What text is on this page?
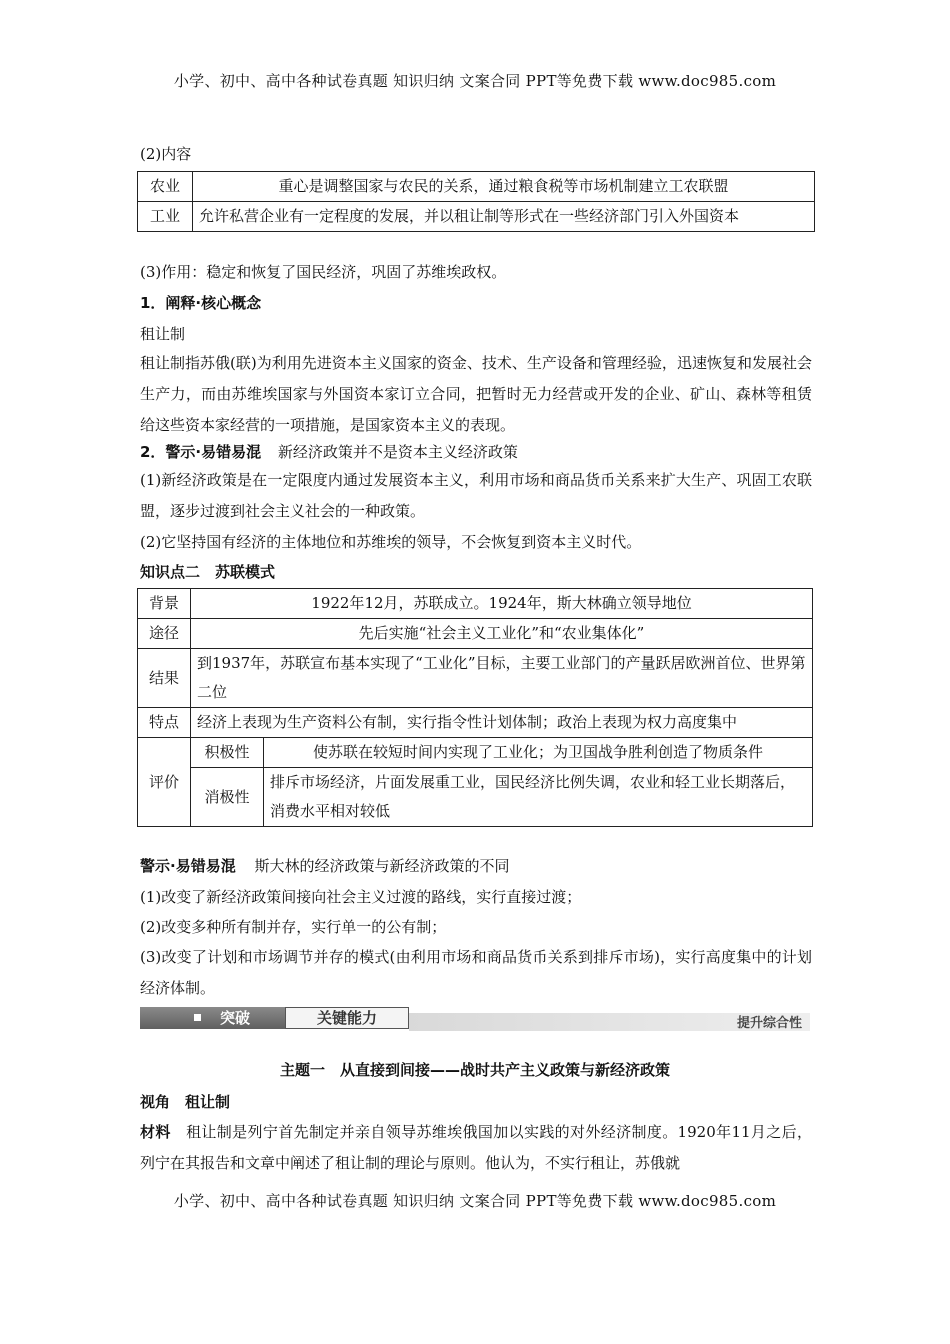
小学、初中、高中各种试卷真题 知识归纳 文案合同 PPT等免费下载 www.doc985.com
(2)内容
农业	重心是调整国家与农民的关系，通过粮食税等市场机制建立工农联盟
工业	允许私营企业有一定程度的发展，并以租让制等形式在一些经济部门引入外国资本
(3)作用：稳定和恢复了国民经济，巩固了苏维埃政权。
1．阐释·核心概念
租让制
租让制指苏俄(联)为利用先进资本主义国家的资金、技术、生产设备和管理经验，迅速恢复和发展社会生产力，而由苏维埃国家与外国资本家订立合同，把暂时无力经营或开发的企业、矿山、森林等租赁给这些资本家经营的一项措施，是国家资本主义的表现。
2．警示·易错易混 新经济政策并不是资本主义经济政策
(1)新经济政策是在一定限度内通过发展资本主义，利用市场和商品货币关系来扩大生产、巩固工农联盟，逐步过渡到社会主义社会的一种政策。
(2)它坚持国有经济的主体地位和苏维埃的领导，不会恢复到资本主义时代。
知识点二　苏联模式
背景	1922年12月，苏联成立。1924年，斯大林确立领导地位	
途径	先后实施“社会主义工业化”和“农业集体化”	
结果	到1937年，苏联宣布基本实现了“工业化”目标，主要工业部门的产量跃居欧洲首位、世界第二位	
特点	经济上表现为生产资料公有制，实行指令性计划体制；政治上表现为权力高度集中	
评价	积极性	使苏联在较短时间内实现了工业化；为卫国战争胜利创造了物质条件
	消极性	排斥市场经济，片面发展重工业，国民经济比例失调，农业和轻工业长期落后，消费水平相对较低
警示·易错易混 斯大林的经济政策与新经济政策的不同
(1)改变了新经济政策间接向社会主义过渡的路线，实行直接过渡；
(2)改变多种所有制并存，实行单一的公有制；
(3)改变了计划和市场调节并存的模式(由利用市场和商品货币关系到排斥市场)，实行高度集中的计划经济体制。
突破	关键能力	提升综合性
主题一　从直接到间接——战时共产主义政策与新经济政策
视角　租让制
材料　 租让制是列宁首先制定并亲自领导苏维埃俄国加以实践的对外经济制度。1920年11月之后，列宁在其报告和文章中阐述了租让制的理论与原则。他认为，不实行租让，苏俄就
小学、初中、高中各种试卷真题 知识归纳 文案合同 PPT等免费下载 www.doc985.com
